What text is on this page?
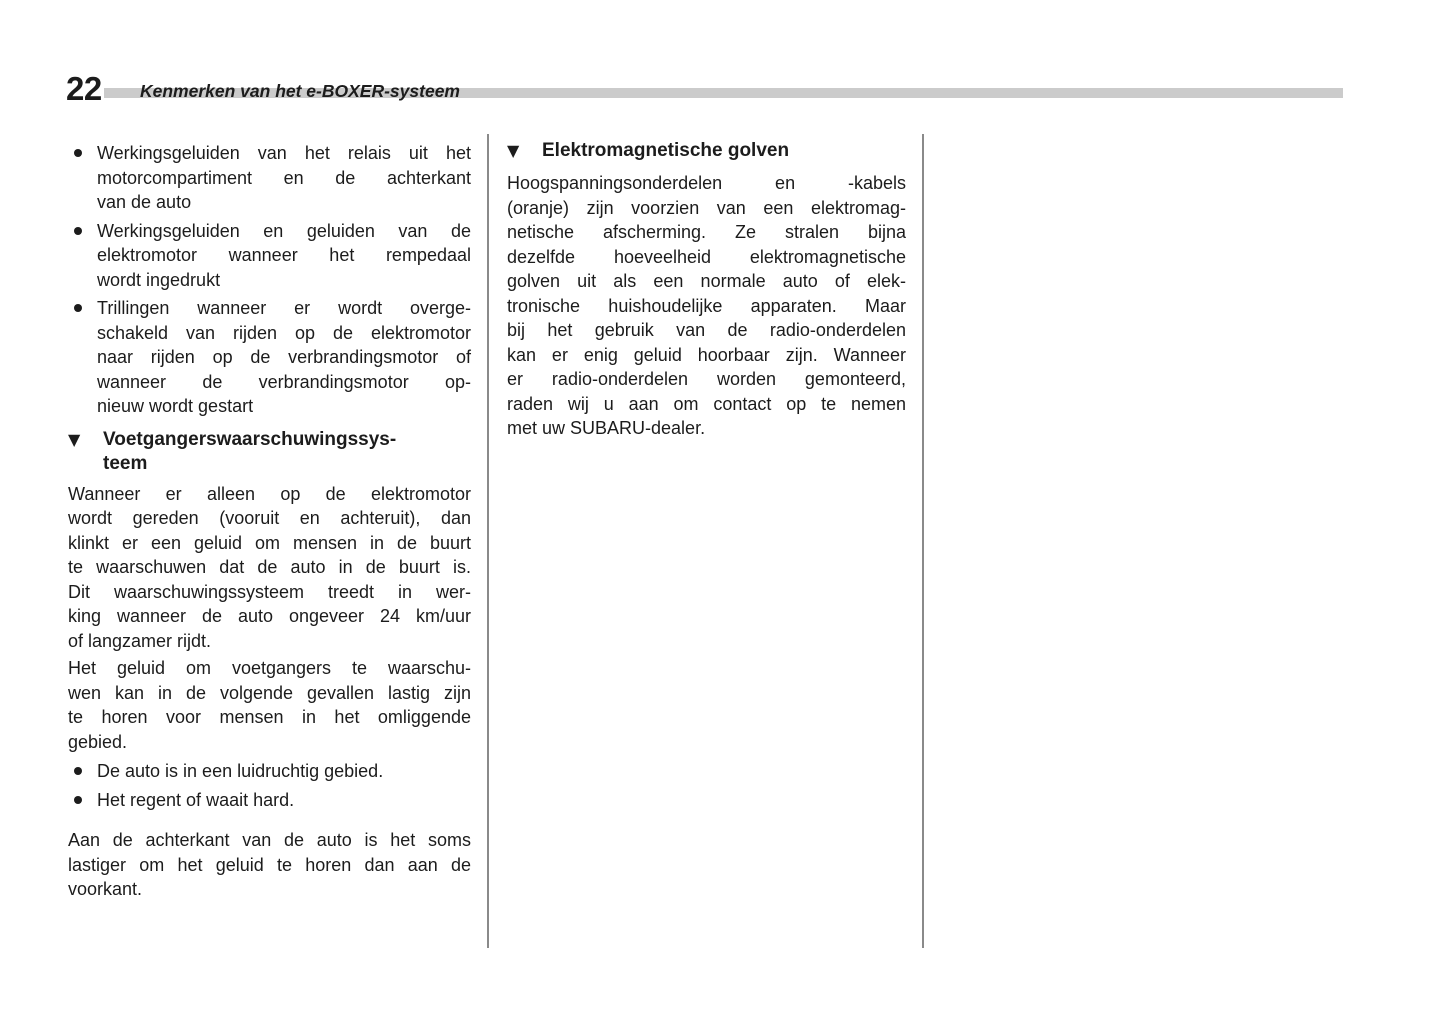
22 Kenmerken van het e-BOXER-systeem
Werkingsgeluiden van het relais uit het
motorcompartiment en de achterkant
van de auto
Werkingsgeluiden en geluiden van de
elektromotor wanneer het rempedaal
wordt ingedrukt
Trillingen wanneer er wordt overge-
schakeld van rijden op de elektromotor
naar rijden op de verbrandingsmotor of
wanneer de verbrandingsmotor op-
nieuw wordt gestart
▼	Voetgangerswaarschuwingssys-
teem
Wanneer er alleen op de elektromotor
wordt gereden (vooruit en achteruit), dan
klinkt er een geluid om mensen in de buurt
te waarschuwen dat de auto in de buurt is.
Dit waarschuwingssysteem treedt in wer-
king wanneer de auto ongeveer 24 km/uur
of langzamer rijdt.
Het geluid om voetgangers te waarschu-
wen kan in de volgende gevallen lastig zijn
te horen voor mensen in het omliggende
gebied.
De auto is in een luidruchtig gebied.
Het regent of waait hard.
Aan de achterkant van de auto is het soms
lastiger om het geluid te horen dan aan de
voorkant.
▼	Elektromagnetische golven
Hoogspanningsonderdelen en -kabels
(oranje) zijn voorzien van een elektromag-
netische afscherming. Ze stralen bijna
dezelfde hoeveelheid elektromagnetische
golven uit als een normale auto of elek-
tronische huishoudelijke apparaten. Maar
bij het gebruik van de radio-onderdelen
kan er enig geluid hoorbaar zijn. Wanneer
er radio-onderdelen worden gemonteerd,
raden wij u aan om contact op te nemen
met uw SUBARU-dealer.
